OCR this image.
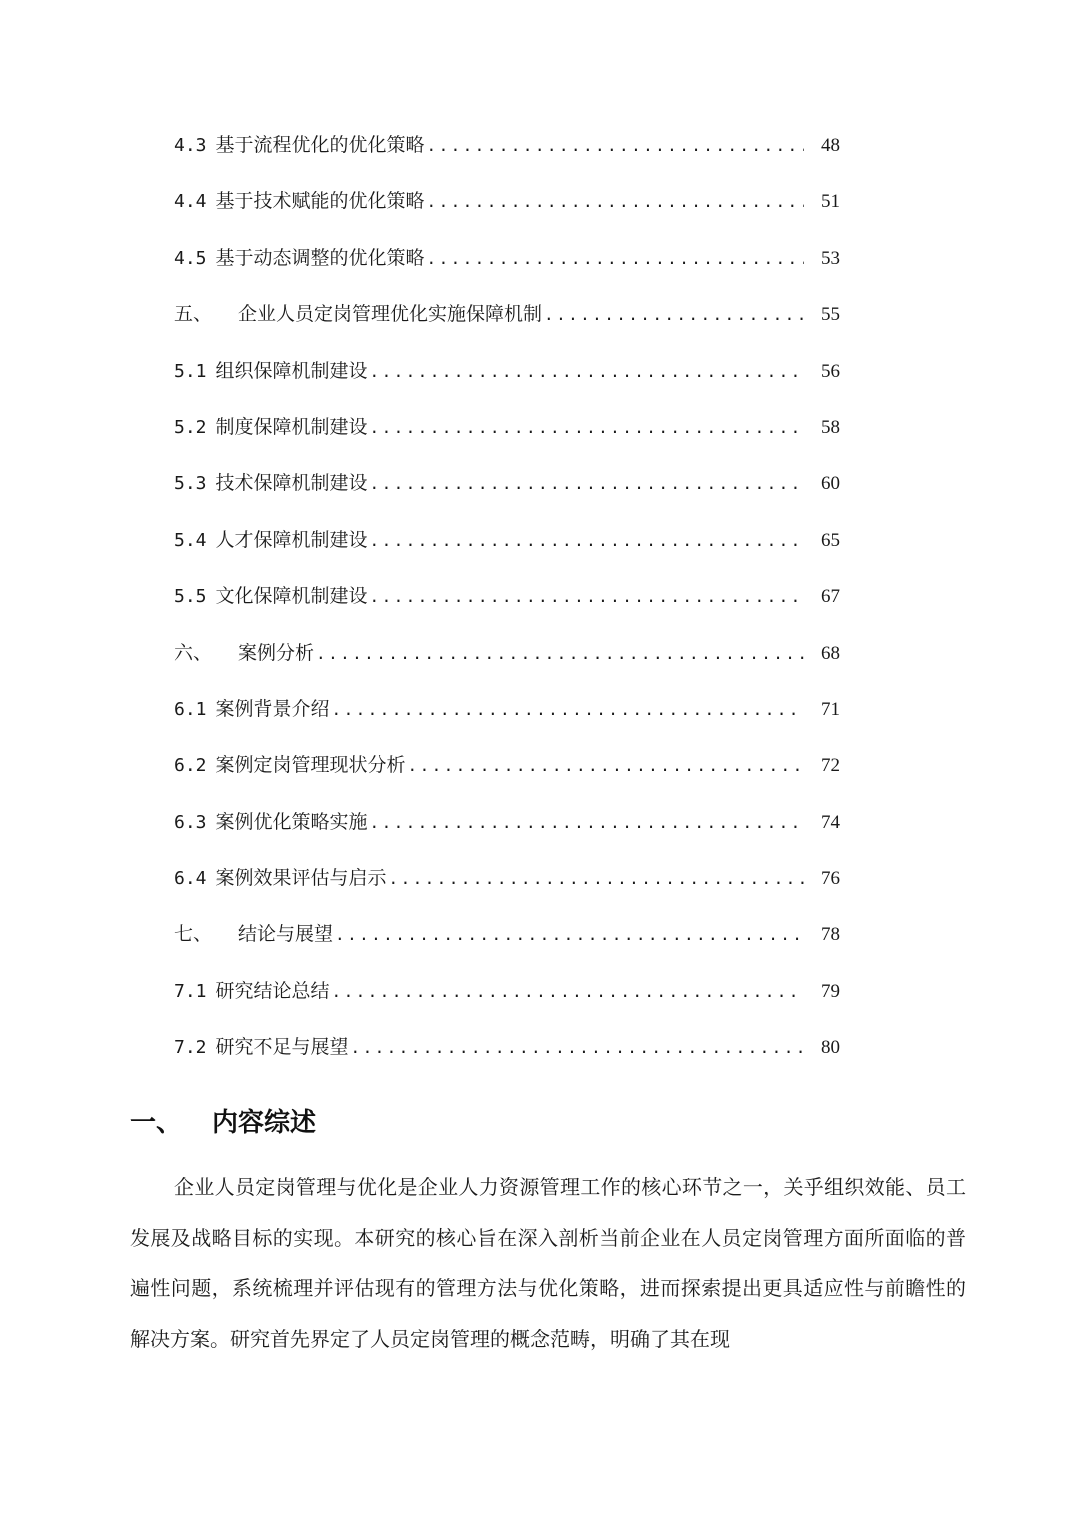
4.3 基于流程优化的优化策略 .....	48
4.4 基于技术赋能的优化策略 .....	51
4.5 基于动态调整的优化策略 .....	53
五、 企业人员定岗管理优化实施保障机制 .....	55
5.1 组织保障机制建设 .....	56
5.2 制度保障机制建设 .....	58
5.3 技术保障机制建设 .....	60
5.4 人才保障机制建设 .....	65
5.5 文化保障机制建设 .....	67
六、 案例分析 .....	68
6.1 案例背景介绍 .....	71
6.2 案例定岗管理现状分析 .....	72
6.3 案例优化策略实施 .....	74
6.4 案例效果评估与启示 .....	76
七、 结论与展望 .....	78
7.1 研究结论总结 .....	79
7.2 研究不足与展望 .....	80
一、 内容综述

企业人员定岗管理与优化是企业人力资源管理工作的核心环节之一，关乎组织效能、员工发展及战略目标的实现。本研究的核心旨在深入剖析当前企业在人员定岗管理方面所面临的普遍性问题，系统梳理并评估现有的管理方法与优化策略，进而探索提出更具适应性与前瞻性的解决方案。研究首先界定了人员定岗管理的概念范畴，明确了其在现
